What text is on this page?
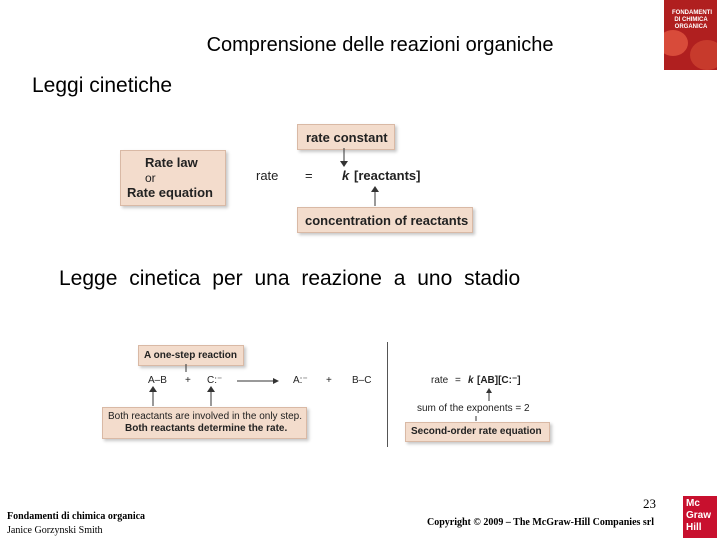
Comprensione delle reazioni organiche
Leggi cinetiche
FONDAMENTI
DI CHIMICA
ORGANICA
Rate law
or
Rate equation
rate constant
rate = k [reactants]
concentration of reactants
Legge cinetica per una reazione a uno stadio
A one-step reaction
A–B + C:⁻	A:⁻ + B–C
Both reactants are involved in the only step.
Both reactants determine the rate.
rate = k [AB][C:⁻]
sum of the exponents = 2
Second-order rate equation
Fondamenti di chimica organica
Janice Gorzynski Smith
23
Copyright © 2009 – The McGraw-Hill Companies srl
Mc
Graw
Hill
